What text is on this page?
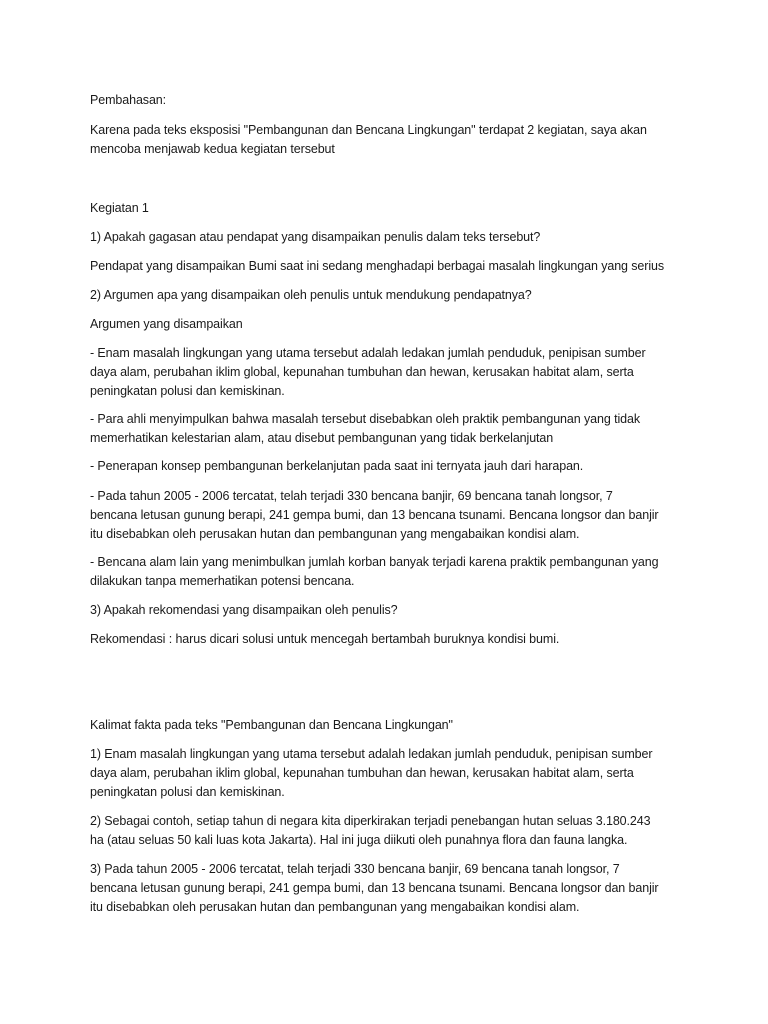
Pembahasan:

Karena pada teks eksposisi "Pembangunan dan Bencana Lingkungan" terdapat 2 kegiatan, saya akan
mencoba menjawab kedua kegiatan tersebut

Kegiatan 1

1) Apakah gagasan atau pendapat yang disampaikan penulis dalam teks tersebut?

Pendapat yang disampaikan Bumi saat ini sedang menghadapi berbagai masalah lingkungan yang serius

2) Argumen apa yang disampaikan oleh penulis untuk mendukung pendapatnya?

Argumen yang disampaikan

- Enam masalah lingkungan yang utama tersebut adalah ledakan jumlah penduduk, penipisan sumber
daya alam, perubahan iklim global, kepunahan tumbuhan dan hewan, kerusakan habitat alam, serta
peningkatan polusi dan kemiskinan.

- Para ahli menyimpulkan bahwa masalah tersebut disebabkan oleh praktik pembangunan yang tidak
memerhatikan kelestarian alam, atau disebut pembangunan yang tidak berkelanjutan

- Penerapan konsep pembangunan berkelanjutan pada saat ini ternyata jauh dari harapan.

- Pada tahun 2005 - 2006 tercatat, telah terjadi 330 bencana banjir, 69 bencana tanah longsor, 7
bencana letusan gunung berapi, 241 gempa bumi, dan 13 bencana tsunami. Bencana longsor dan banjir
itu disebabkan oleh perusakan hutan dan pembangunan yang mengabaikan kondisi alam.

- Bencana alam lain yang menimbulkan jumlah korban banyak terjadi karena praktik pembangunan yang
dilakukan tanpa memerhatikan potensi bencana.

3) Apakah rekomendasi yang disampaikan oleh penulis?

Rekomendasi : harus dicari solusi untuk mencegah bertambah buruknya kondisi bumi.

Kalimat fakta pada teks "Pembangunan dan Bencana Lingkungan"

1) Enam masalah lingkungan yang utama tersebut adalah ledakan jumlah penduduk, penipisan sumber
daya alam, perubahan iklim global, kepunahan tumbuhan dan hewan, kerusakan habitat alam, serta
peningkatan polusi dan kemiskinan.

2) Sebagai contoh, setiap tahun di negara kita diperkirakan terjadi penebangan hutan seluas 3.180.243
ha (atau seluas 50 kali luas kota Jakarta). Hal ini juga diikuti oleh punahnya flora dan fauna langka.

3) Pada tahun 2005 - 2006 tercatat, telah terjadi 330 bencana banjir, 69 bencana tanah longsor, 7
bencana letusan gunung berapi, 241 gempa bumi, dan 13 bencana tsunami. Bencana longsor dan banjir
itu disebabkan oleh perusakan hutan dan pembangunan yang mengabaikan kondisi alam.
